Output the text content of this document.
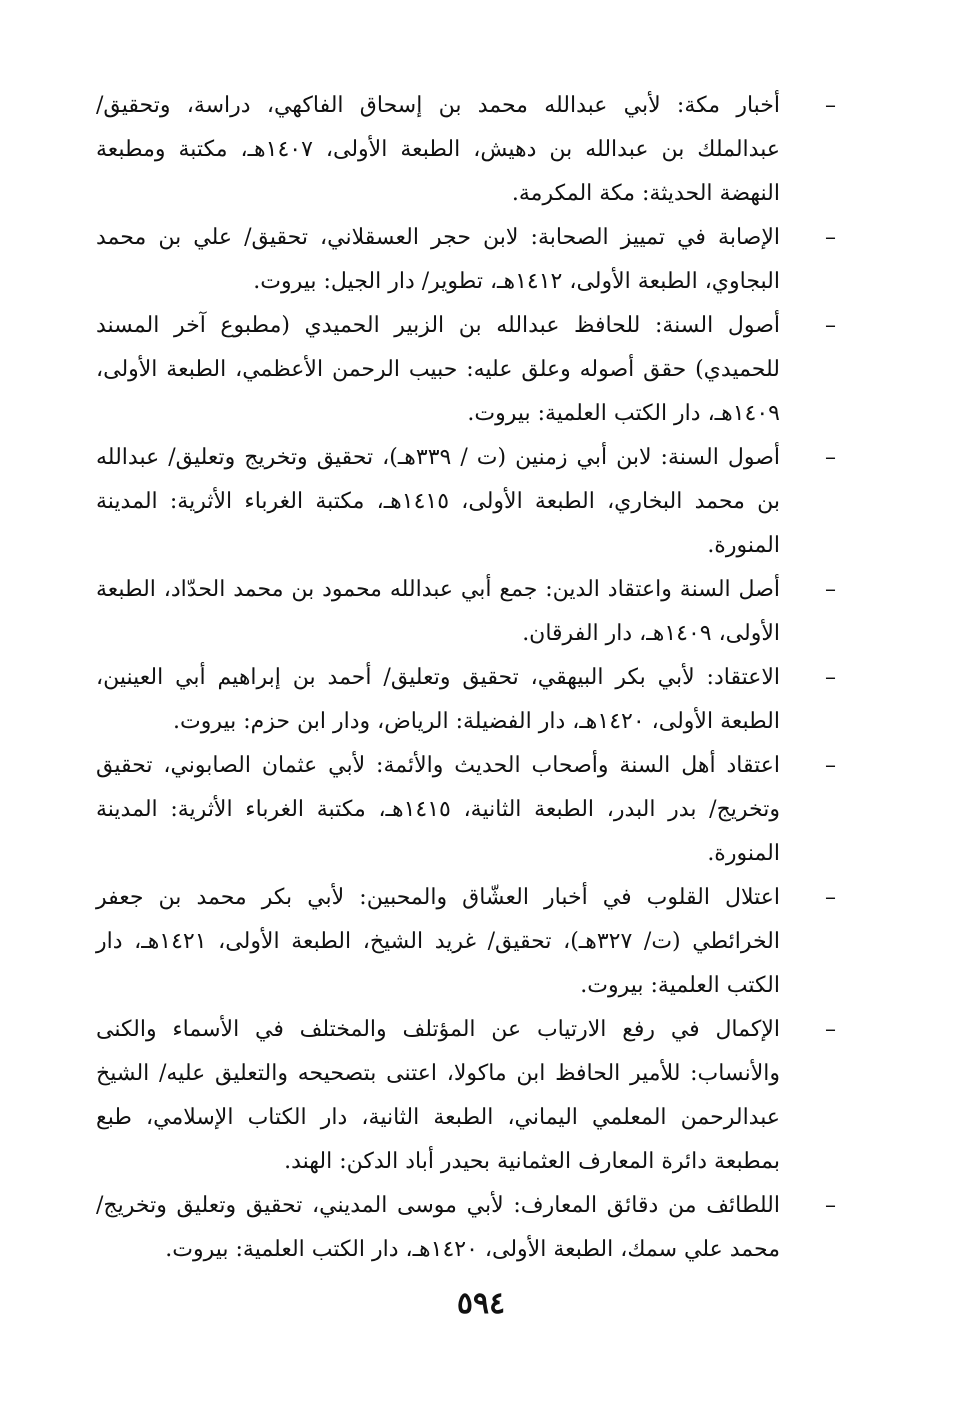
–
أخبار مكة: لأبي عبدالله محمد بن إسحاق الفاكهي، دراسة، وتحقيق/ عبدالملك بن عبدالله بن دهيش، الطبعة الأولى، ١٤٠٧هـ، مكتبة ومطبعة النهضة الحديثة: مكة المكرمة.
–
الإصابة في تمييز الصحابة: لابن حجر العسقلاني، تحقيق/ علي بن محمد البجاوي، الطبعة الأولى، ١٤١٢هـ، تطوير/ دار الجيل: بيروت.
–
أصول السنة: للحافظ عبدالله بن الزبير الحميدي (مطبوع آخر المسند للحميدي) حقق أصوله وعلق عليه: حبيب الرحمن الأعظمي، الطبعة الأولى، ١٤٠٩هـ، دار الكتب العلمية: بيروت.
–
أصول السنة: لابن أبي زمنين (ت / ٣٣٩هـ)، تحقيق وتخريج وتعليق/ عبدالله بن محمد البخاري، الطبعة الأولى، ١٤١٥هـ، مكتبة الغرباء الأثرية: المدينة المنورة.
–
أصل السنة واعتقاد الدين: جمع أبي عبدالله محمود بن محمد الحدّاد، الطبعة الأولى، ١٤٠٩هـ، دار الفرقان.
–
الاعتقاد: لأبي بكر البيهقي، تحقيق وتعليق/ أحمد بن إبراهيم أبي العينين، الطبعة الأولى، ١٤٢٠هـ، دار الفضيلة: الرياض، ودار ابن حزم: بيروت.
–
اعتقاد أهل السنة وأصحاب الحديث والأئمة: لأبي عثمان الصابوني، تحقيق وتخريج/ بدر البدر، الطبعة الثانية، ١٤١٥هـ، مكتبة الغرباء الأثرية: المدينة المنورة.
–
اعتلال القلوب في أخبار العشّاق والمحبين: لأبي بكر محمد بن جعفر الخرائطي (ت/ ٣٢٧هـ)، تحقيق/ غريد الشيخ، الطبعة الأولى، ١٤٢١هـ، دار الكتب العلمية: بيروت.
–
الإكمال في رفع الارتياب عن المؤتلف والمختلف في الأسماء والكنى والأنساب: للأمير الحافظ ابن ماكولا، اعتنى بتصحيحه والتعليق عليه/ الشيخ عبدالرحمن المعلمي اليماني، الطبعة الثانية، دار الكتاب الإسلامي، طبع بمطبعة دائرة المعارف العثمانية بحيدر أباد الدكن: الهند.
–
اللطائف من دقائق المعارف: لأبي موسى المديني، تحقيق وتعليق وتخريج/ محمد علي سمك، الطبعة الأولى، ١٤٢٠هـ، دار الكتب العلمية: بيروت.
٥٩٤
